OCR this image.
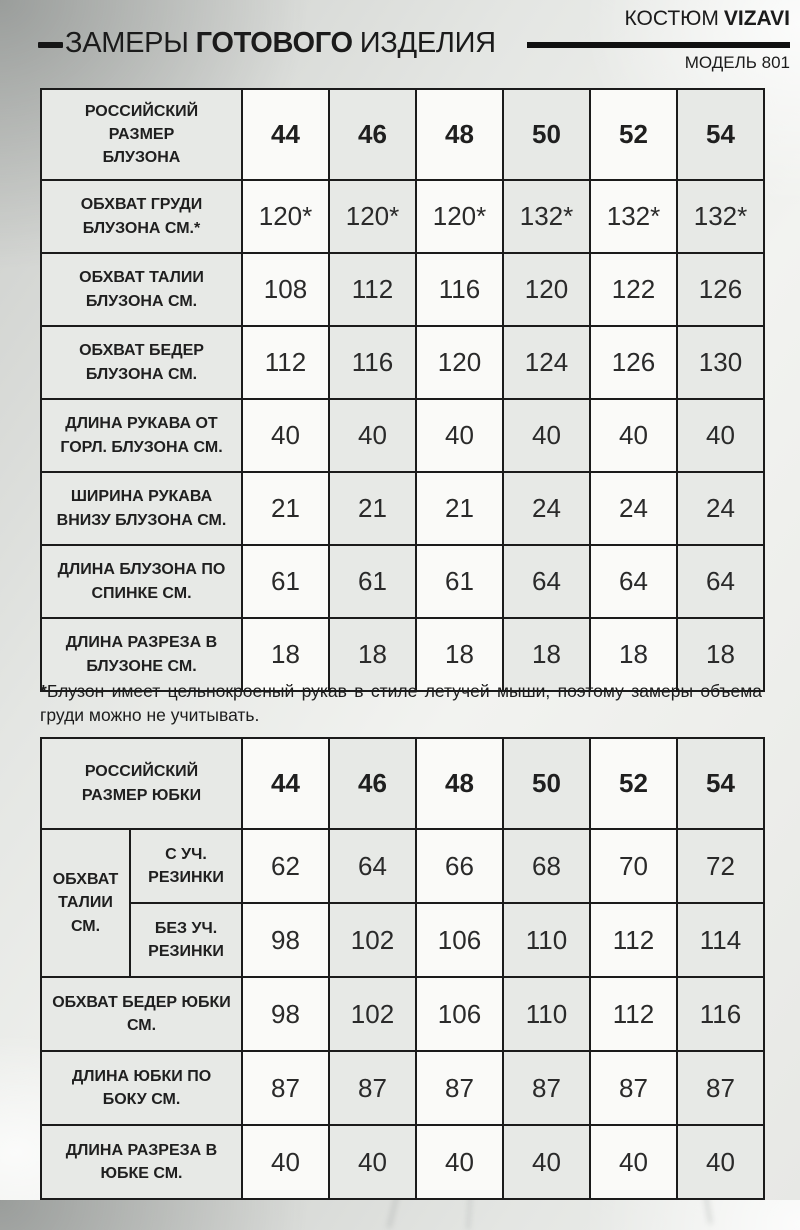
ЗАМЕРЫ ГОТОВОГО ИЗДЕЛИЯ
КОСТЮМ VIZAVI
МОДЕЛЬ 801
РОССИЙСКИЙ РАЗМЕР БЛУЗОНА	44	46	48	50	52	54
ОБХВАТ ГРУДИ БЛУЗОНА СМ.*	120*	120*	120*	132*	132*	132*
ОБХВАТ ТАЛИИ БЛУЗОНА СМ.	108	112	116	120	122	126
ОБХВАТ БЕДЕР БЛУЗОНА СМ.	112	116	120	124	126	130
ДЛИНА РУКАВА ОТ ГОРЛ. БЛУЗОНА СМ.	40	40	40	40	40	40
ШИРИНА РУКАВА ВНИЗУ БЛУЗОНА СМ.	21	21	21	24	24	24
ДЛИНА БЛУЗОНА ПО СПИНКЕ СМ.	61	61	61	64	64	64
ДЛИНА РАЗРЕЗА В БЛУЗОНЕ СМ.	18	18	18	18	18	18

*Блузон имеет цельнокроеный рукав в стиле летучей мыши, поэтому замеры объема груди можно не учитывать.

РОССИЙСКИЙ РАЗМЕР ЮБКИ		44	46	48	50	52	54
ОБХВАТ ТАЛИИ СМ.	С УЧ. РЕЗИНКИ	62	64	66	68	70	72
	БЕЗ УЧ. РЕЗИНКИ	98	102	106	110	112	114
ОБХВАТ БЕДЕР ЮБКИ СМ.		98	102	106	110	112	116
ДЛИНА ЮБКИ ПО БОКУ СМ.		87	87	87	87	87	87
ДЛИНА РАЗРЕЗА В ЮБКЕ СМ.		40	40	40	40	40	40
